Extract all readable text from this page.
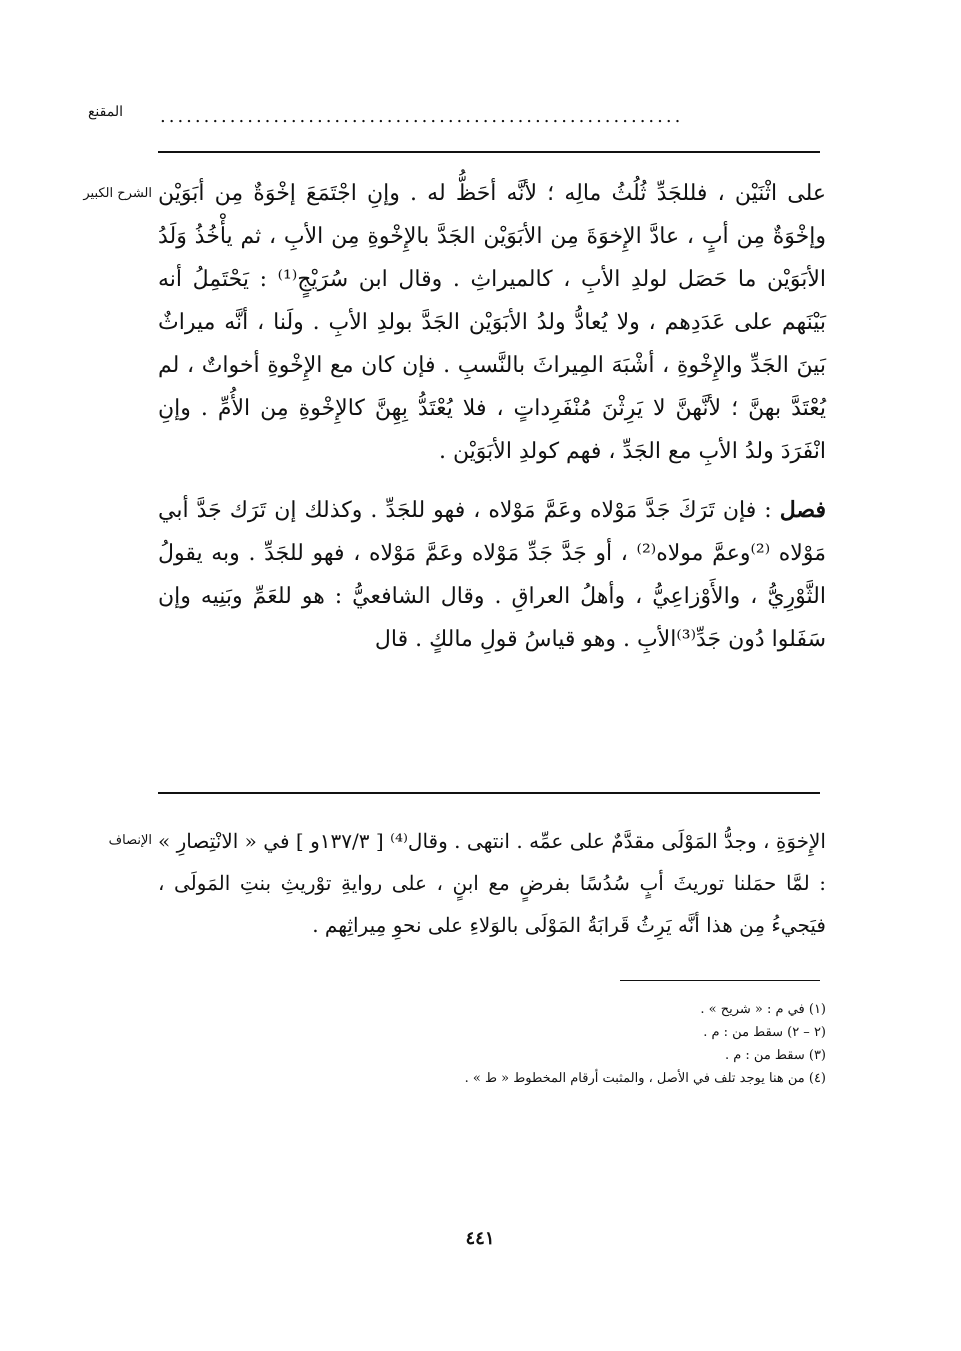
المقنع ............................................................
الشرح الكبير على اثْنَيْن ، فللجَدِّ ثُلُثُ مالِه ؛ لأنَّه أحَظُّ له . وإنِ اجْتَمَعَ إخْوَةٌ مِن أبَوَيْن وإخْوَةٌ مِن أبٍ ، عادَّ الإِخوَةَ مِن الأبَوَيْن الجَدَّ بالإِخْوةِ مِن الأبِ ، ثم يأْخُذُ وَلَدُ الأبَوَيْن ما حَصَل لولدِ الأبِ ، كالميراثِ . وقال ابن سُرَيْجٍ⁽¹⁾ : يَحْتَمِلُ أنه بَيْنَهم على عَدَدِهم ، ولا يُعادُّ ولدُ الأبَوَيْن الجَدَّ بولدِ الأبِ . ولَنا ، أنَّه ميراثٌ بَينَ الجَدِّ والإِخْوةِ ، أشْبَهَ المِيراثَ بالنَّسبِ . فإن كان مع الإِخْوةِ أخواتٌ ، لم يُعْتَدَّ بهنَّ ؛ لأنَّهنَّ لا يَرِثْنَ مُنْفَرِداتٍ ، فلا يُعْتَدُّ بِهِنَّ كالإِخْوةِ مِن الأُمِّ . وإنِ انْفَرَدَ ولدُ الأبِ مع الجَدِّ ، فهم كولدِ الأبَوَيْن .

فصل : فإن تَرَكَ جَدَّ مَوْلاه وعَمَّ مَوْلاه ، فهو للجَدِّ . وكذلك إن تَرَك جَدَّ أبي مَوْلاه ⁽²⁾وعمَّ مولاه⁽²⁾ ، أو جَدَّ جَدِّ مَوْلاه وعَمَّ مَوْلاه ، فهو للجَدِّ . وبه يقولُ الثَّوْرِيُّ ، والأَوْزاعِيُّ ، وأهلُ العراقِ . وقال الشافعيُّ : هو للعَمِّ وبَنِيه وإن سَفَلوا دُون جَدِّ⁽³⁾الأبِ . وهو قياسُ قولِ مالكٍ . قال

الإنصاف الإِخوَةِ ، وجدُّ المَوْلَى مقدَّمٌ على عمِّه . انتهى . وقال⁽⁴⁾ [ ١٣٧/٣و ] في « الانْتِصارِ » : لمَّا حمَلنا توريثَ أبٍ سُدُسًا بفرضٍ مع ابنٍ ، على روايةِ توْريثِ بنتِ المَولَى ، فيَجيءُ مِن هذا أنَّه يَرِثُ قَرابَةُ المَوْلَى بالوَلاءِ على نحوِ مِيراثِهم .

(١) في م : « شريح » .
(٢ – ٢) سقط من : م .
(٣) سقط من : م .
(٤) من هنا يوجد تلف في الأصل ، والمثبت أرقام المخطوط « ط » .
٤٤١
